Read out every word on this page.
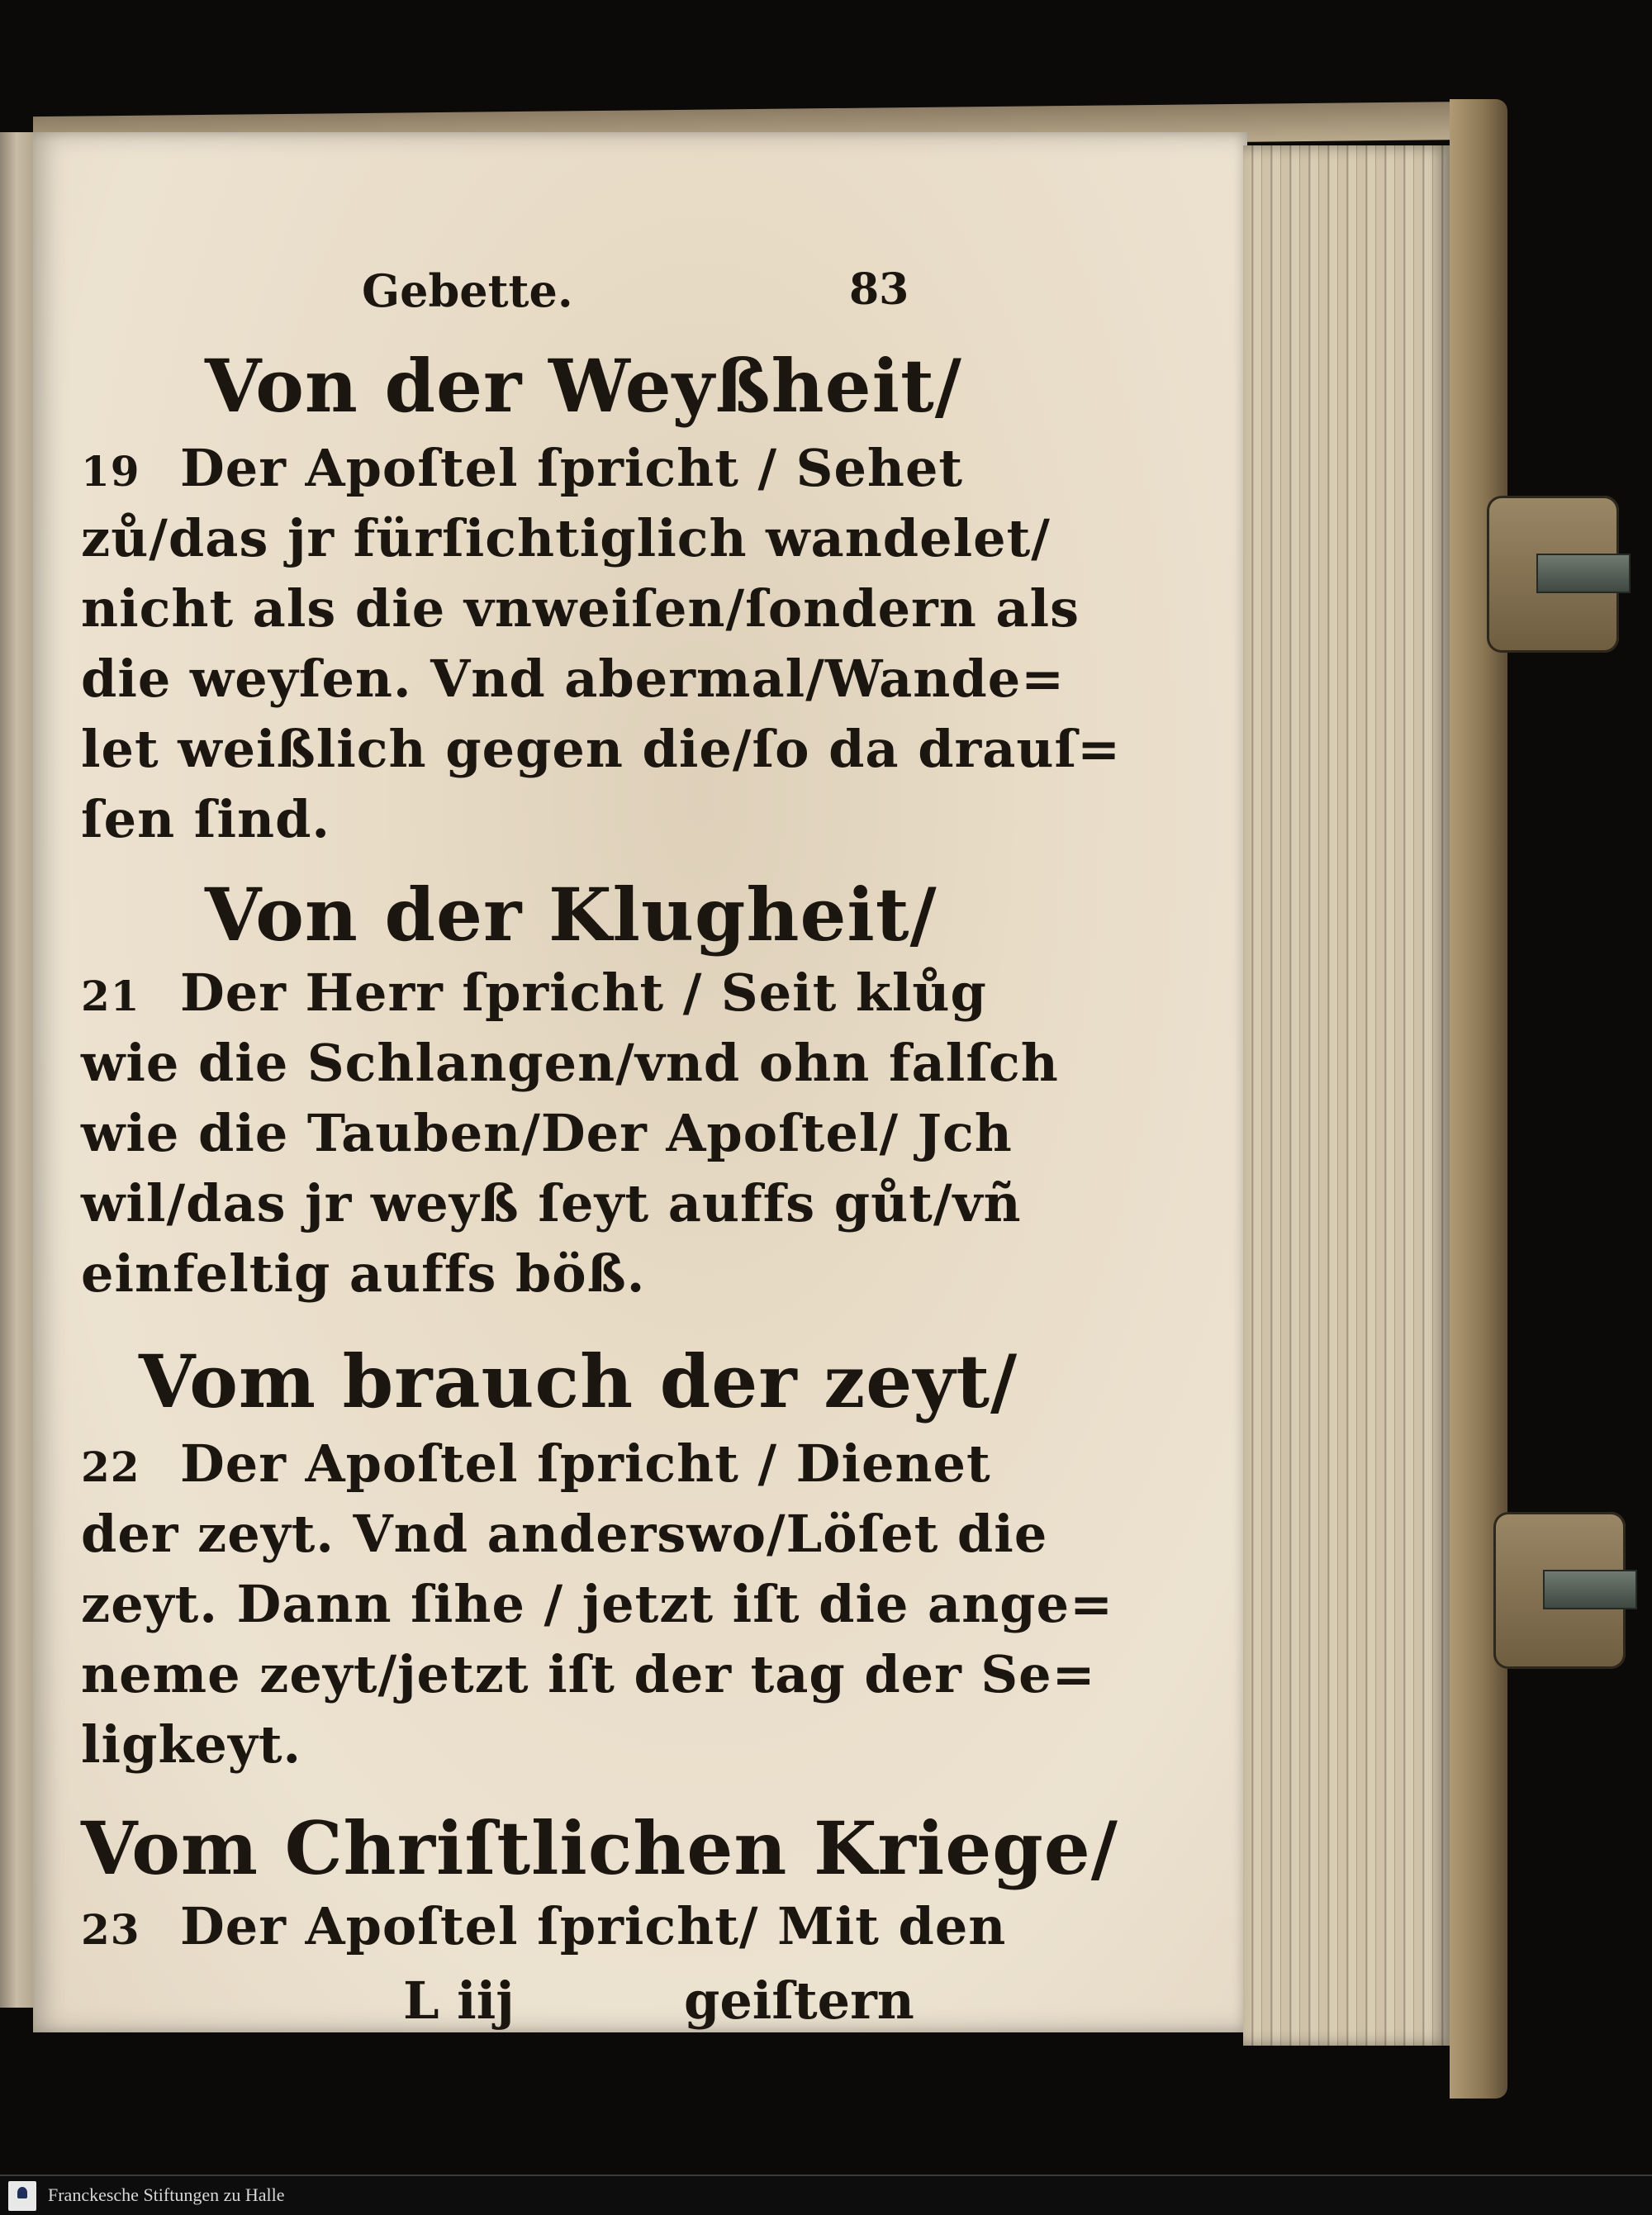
Gebette.	83
Von der Weyßheit/
19 Der Apoſtel ſpricht / Sehet
zů/das jr fürſichtiglich wandelet/
nicht als die vnweiſen/ſondern als
die weyſen. Vnd abermal/Wande=
let weißlich gegen die/ſo da drauſ=
ſen ſind.
Von der Klugheit/
21 Der Herr ſpricht / Seit klůg
wie die Schlangen/vnd ohn falſch
wie die Tauben/Der Apoſtel/ Jch
wil/das jr weyß ſeyt auffs gůt/vñ
einfeltig auffs böß.
Vom brauch der zeyt/
22 Der Apoſtel ſpricht / Dienet
der zeyt. Vnd anderswo/Löſet die
zeyt. Dann ſihe / jetzt iſt die ange=
neme zeyt/jetzt iſt der tag der Se=
ligkeyt.
Vom Chriſtlichen Kriege/
23 Der Apoſtel ſpricht/ Mit den
L iij	geiſtern
Franckesche Stiftungen zu Halle
